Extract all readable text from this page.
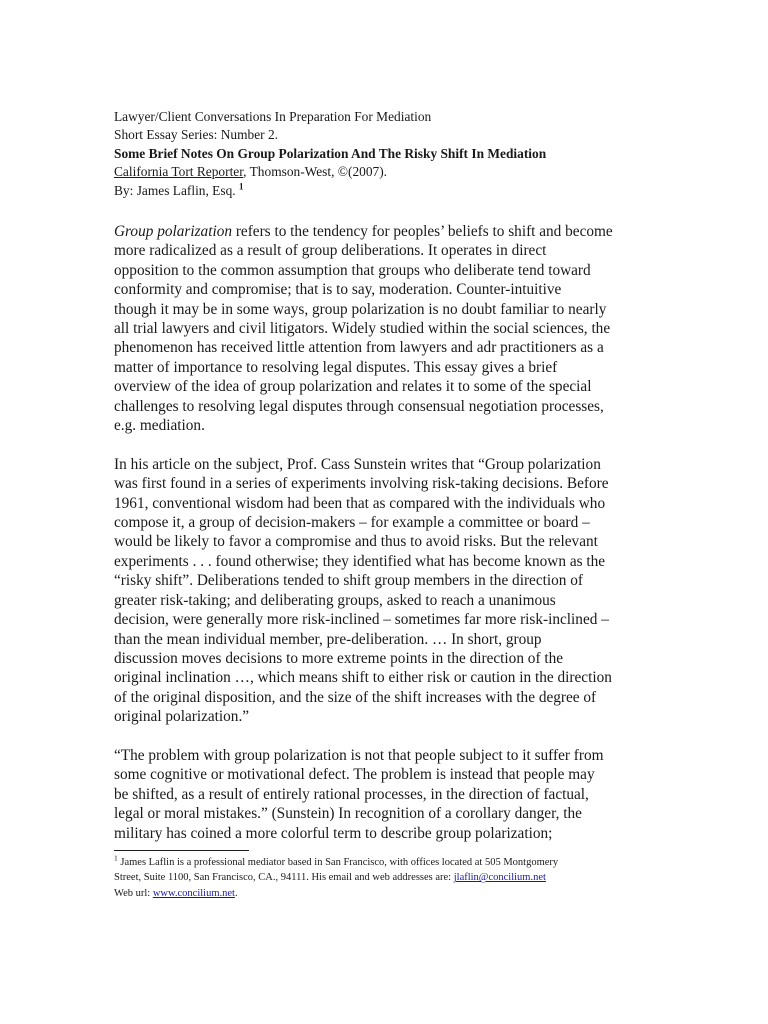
Lawyer/Client Conversations In Preparation For Mediation
Short Essay Series: Number 2.
Some Brief Notes On Group Polarization And The Risky Shift In Mediation
California Tort Reporter, Thomson-West, ©(2007).
By: James Laflin, Esq. $^1$
Group polarization refers to the tendency for peoples’ beliefs to shift and become
more radicalized as a result of group deliberations. It operates in direct
opposition to the common assumption that groups who deliberate tend toward
conformity and compromise; that is to say, moderation. Counter-intuitive
though it may be in some ways, group polarization is no doubt familiar to nearly
all trial lawyers and civil litigators. Widely studied within the social sciences, the
phenomenon has received little attention from lawyers and adr practitioners as a
matter of importance to resolving legal disputes. This essay gives a brief
overview of the idea of group polarization and relates it to some of the special
challenges to resolving legal disputes through consensual negotiation processes,
e.g. mediation.
In his article on the subject, Prof. Cass Sunstein writes that “Group polarization
was first found in a series of experiments involving risk-taking decisions. Before
1961, conventional wisdom had been that as compared with the individuals who
compose it, a group of decision-makers – for example a committee or board –
would be likely to favor a compromise and thus to avoid risks. But the relevant
experiments . . . found otherwise; they identified what has become known as the
“risky shift”. Deliberations tended to shift group members in the direction of
greater risk-taking; and deliberating groups, asked to reach a unanimous
decision, were generally more risk-inclined – sometimes far more risk-inclined –
than the mean individual member, pre-deliberation. … In short, group
discussion moves decisions to more extreme points in the direction of the
original inclination …, which means shift to either risk or caution in the direction
of the original disposition, and the size of the shift increases with the degree of
original polarization.”
“The problem with group polarization is not that people subject to it suffer from
some cognitive or motivational defect. The problem is instead that people may
be shifted, as a result of entirely rational processes, in the direction of factual,
legal or moral mistakes.” (Sunstein) In recognition of a corollary danger, the
military has coined a more colorful term to describe group polarization;
$^1$ James Laflin is a professional mediator based in San Francisco, with offices located at 505 Montgomery
Street, Suite 1100, San Francisco, CA., 94111. His email and web addresses are: jlaflin@concilium.net
Web url: www.concilium.net.
